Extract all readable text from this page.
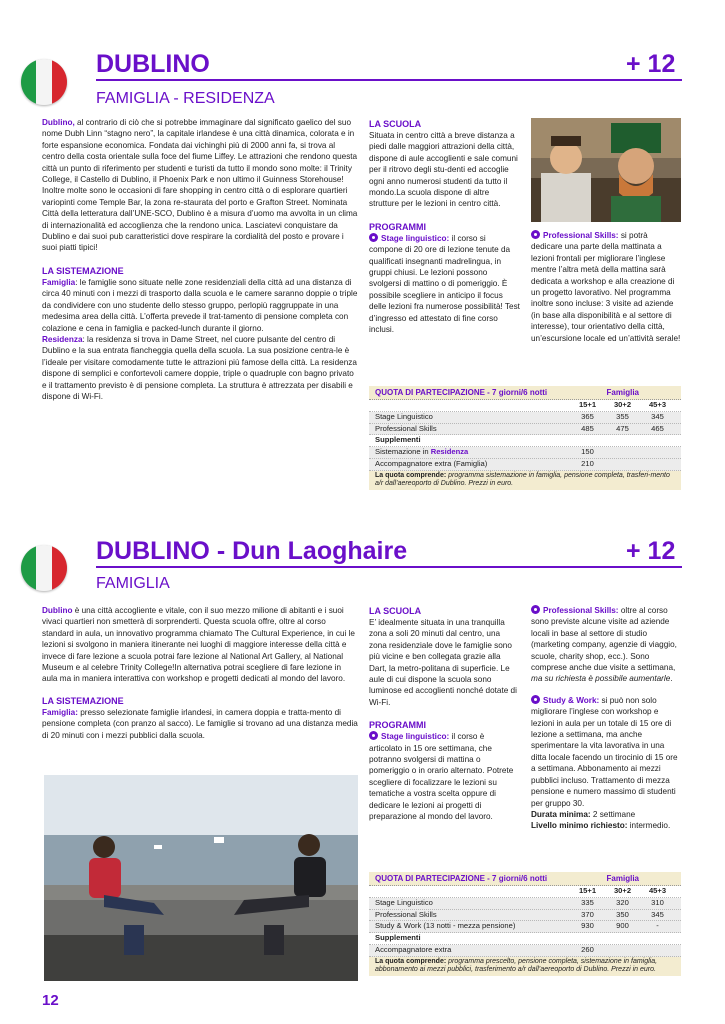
DUBLINO	+ 12
FAMIGLIA - RESIDENZA

Dublino, al contrario di ciò che si potrebbe immaginare dal significato gaelico del suo nome Dubh Linn “stagno nero”, la capitale irlandese è una città dinamica, colorata e in forte espansione economica. Fondata dai vichinghi più di 2000 anni fa, si trova al centro della costa orientale sulla foce del fiume Liffey. Le attrazioni che rendono questa città un punto di riferimento per studenti e turisti da tutto il mondo sono molte: il Trinity College, il Castello di Dublino, il Phoenix Park e non ultimo il Guinness Storehouse! Inoltre molte sono le occasioni di fare shopping in centro città o di esplorare quartieri variopinti come Temple Bar, la zona re-staurata del porto e Grafton Street. Nominata Città della letteratura dall’UNE-SCO, Dublino è a misura d’uomo ma avvolta in un clima di internazionalità ed accoglienza che la rendono unica. Lasciatevi conquistare da Dublino e dai suoi pub caratteristici dove respirare la cordialità del posto e provare i suoi piatti tipici!

LA SISTEMAZIONE

Famiglia: le famiglie sono situate nelle zone residenziali della città ad una distanza di circa 40 minuti con i mezzi di trasporto dalla scuola e le camere saranno doppie o triple da condividere con uno studente dello stesso gruppo, perlopiù raggruppate in una medesima area della città. L’offerta prevede il trat-tamento di pensione completa con colazione e cena in famiglia e packed-lunch durante il giorno.

Residenza: la residenza si trova in Dame Street, nel cuore pulsante del centro di Dublino e la sua entrata fiancheggia quella della scuola. La sua posizione centra-le è l’ideale per visitare comodamente tutte le attrazioni più famose della città. La residenza dispone di semplici e confortevoli camere doppie, triple o quadruple con bagno privato e il trattamento previsto è di pensione completa. La struttura è attrezzata per disabili e dispone di Wi-Fi.

LA SCUOLA

Situata in centro città a breve distanza a piedi dalle maggiori attrazioni della città, dispone di aule accoglienti e sale comuni per il ritrovo degli stu-denti ed accoglie ogni anno numerosi studenti da tutto il mondo.La scuola dispone di altre strutture per le lezioni in centro città.

PROGRAMMI

Stage linguistico: il corso si compone di 20 ore di lezione tenute da qualificati insegnanti madrelingua, in gruppi chiusi. Le lezioni possono svolgersi di mattino o di pomeriggio. È possibile scegliere in anticipo il focus delle lezioni fra numerose possibilità! Test d’ingresso ed attestato di fine corso inclusi.

Professional Skills: si potrà dedicare una parte della mattinata a lezioni frontali per migliorare l’inglese mentre l’altra metà della mattina sarà dedicata a workshop e alla creazione di un progetto lavorativo. Nel programma inoltre sono incluse: 3 visite ad aziende (in base alla disponibilità e al settore di interesse), tour orientativo della città, un’escursione locale ed un’attività serale!

QUOTA DI PARTECIPAZIONE - 7 giorni/6 notti	Famiglia
15+1	30+2	45+3
Stage Linguistico	365	355	345
Professional Skills	485	475	465
Supplementi
Sistemazione in Residenza	150
Accompagnatore extra (Famiglia)	210
La quota comprende: programma sistemazione in famiglia, pensione completa, trasferi-mento a/r dall’aereoporto di Dublino. Prezzi in euro.
DUBLINO - Dun Laoghaire	+ 12
FAMIGLIA

Dublino è una città accogliente e vitale, con il suo mezzo milione di abitanti e i suoi vivaci quartieri non smetterà di sorprenderti. Questa scuola offre, oltre al corso standard in aula, un innovativo programma chiamato The Cultural Experience, in cui le lezioni si svolgono in maniera itinerante nei luoghi di maggiore interesse della città e invece di fare lezione a scuola potrai fare lezione al National Art Gallery, al National Museum e al celebre Trinity College!In alternativa potrai scegliere di fare lezione in aula ma in maniera interattiva con workshop e progetti dedicati al mondo del lavoro.

LA SISTEMAZIONE

Famiglia: presso selezionate famiglie irlandesi, in camera doppia e tratta-mento di pensione completa (con pranzo al sacco). Le famiglie si trovano ad una distanza media di 20 minuti con i mezzi pubblici dalla scuola.

LA SCUOLA

E’ idealmente situata in una tranquilla zona a soli 20 minuti dal centro, una zona residenziale dove le famiglie sono più vicine e ben collegata grazie alla Dart, la metro-politana di superficie. Le aule di cui dispone la scuola sono luminose ed accoglienti nonché dotate di Wi-Fi.

PROGRAMMI

Stage linguistico: il corso è articolato in 15 ore settimana, che potranno svolgersi di mattina o pomeriggio o in orario alternato. Potrete scegliere di focalizzare le lezioni su tematiche a vostra scelta oppure di dedicare le lezioni ai progetti di preparazione al mondo del lavoro.

Professional Skills: oltre al corso sono previste alcune visite ad aziende locali in base al settore di studio (marketing company, agenzie di viaggio, scuole, charity shop, ecc.). Sono comprese anche due visite a settimana, ma su richiesta è possibile aumentarle.

Study & Work: si può non solo migliorare l’inglese con workshop e lezioni in aula per un totale di 15 ore di lezione a settimana, ma anche sperimentare la vita lavorativa in una ditta locale facendo un tirocinio di 15 ore a settimana. Abbonamento ai mezzi pubblici incluso. Trattamento di mezza pensione e numero massimo di studenti per gruppo 30.

Durata minima: 2 settimane

Livello minimo richiesto: intermedio.

QUOTA DI PARTECIPAZIONE - 7 giorni/6 notti	Famiglia
15+1	30+2	45+3
Stage Linguistico	335	320	310
Professional Skills	370	350	345
Study & Work (13 notti - mezza pensione)	930	900	-
Supplementi
Accompagnatore extra	260
La quota comprende: programma prescelto, pensione completa, sistemazione in famiglia, abbonamento ai mezzi pubblici, trasferimento a/r dall’aereoporto di Dublino. Prezzi in euro.
12
